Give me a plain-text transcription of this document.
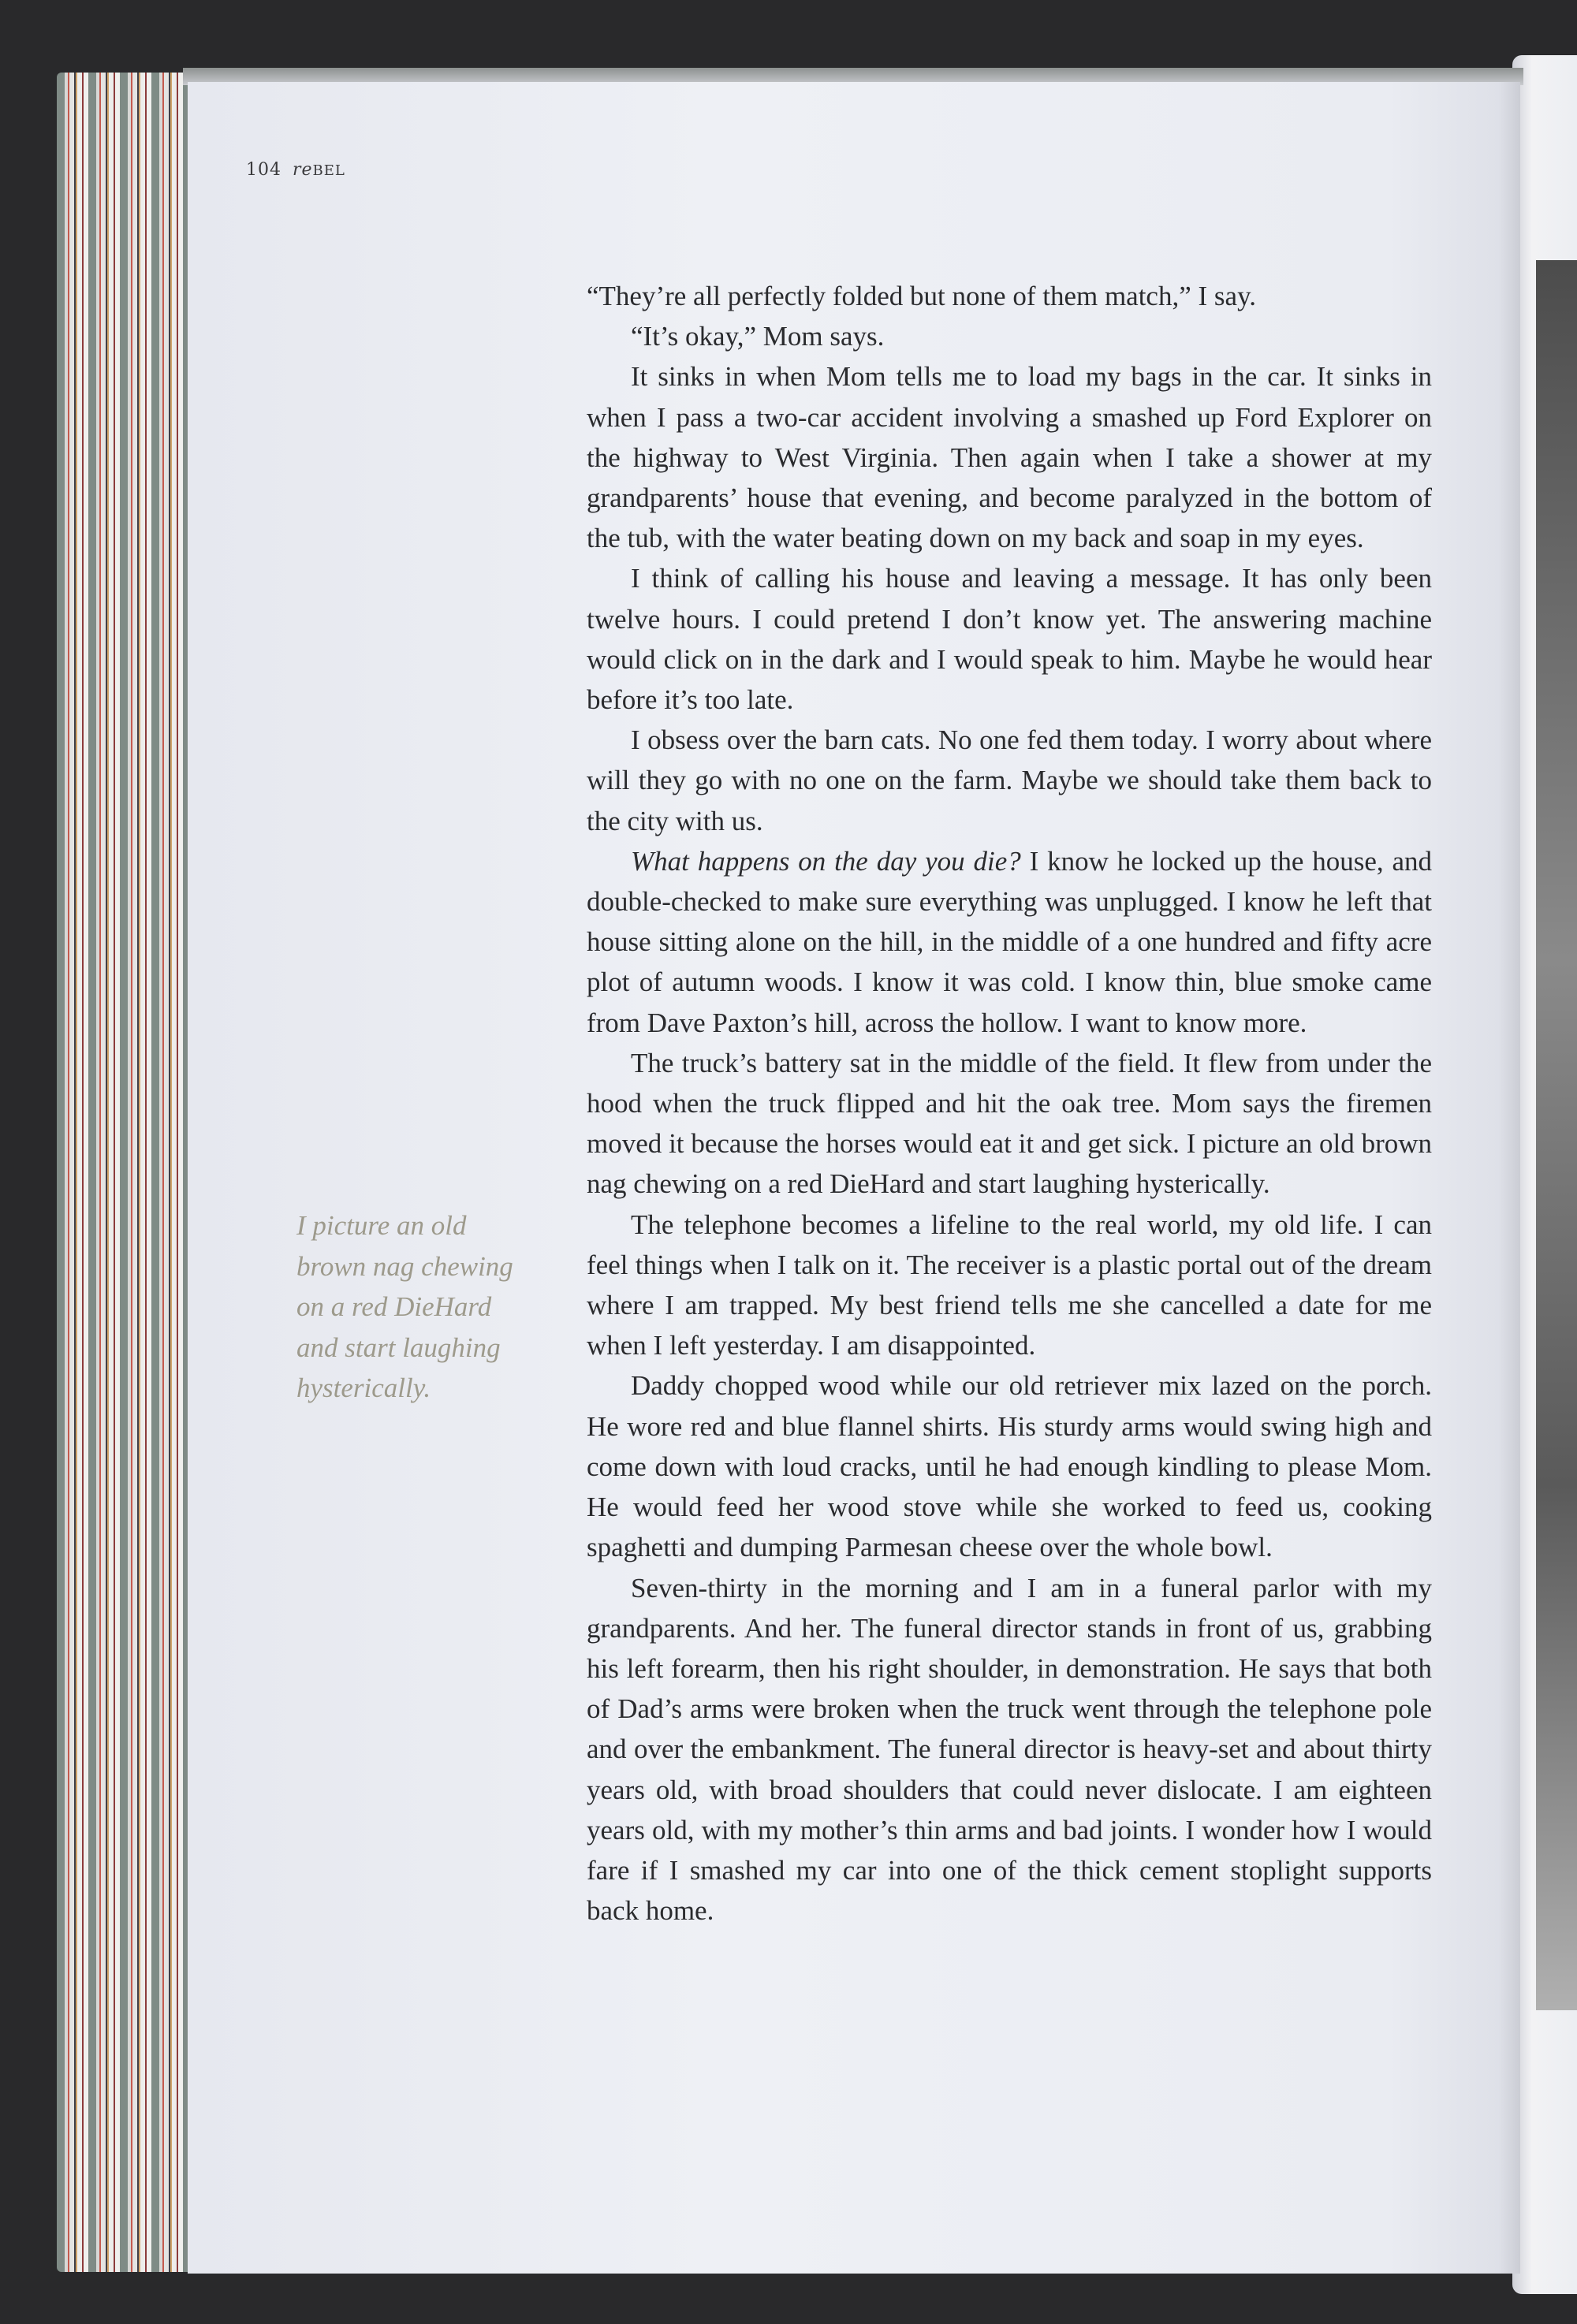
104 reBEL

I picture an old
brown nag chewing
on a red DieHard
and start laughing
hysterically.

“They’re all perfectly folded but none of them match,” I say.

“It’s okay,” Mom says.

It sinks in when Mom tells me to load my bags in the car. It sinks in when I pass a two-car accident involving a smashed up Ford Explorer on the highway to West Virginia. Then again when I take a shower at my grandparents’ house that evening, and become paralyzed in the bottom of the tub, with the water beating down on my back and soap in my eyes.

I think of calling his house and leaving a message. It has only been twelve hours. I could pretend I don’t know yet. The answering machine would click on in the dark and I would speak to him. Maybe he would hear before it’s too late.

I obsess over the barn cats. No one fed them today. I worry about where will they go with no one on the farm. Maybe we should take them back to the city with us.

What happens on the day you die? I know he locked up the house, and double-checked to make sure everything was unplugged. I know he left that house sitting alone on the hill, in the middle of a one hundred and fifty acre plot of autumn woods. I know it was cold. I know thin, blue smoke came from Dave Paxton’s hill, across the hollow. I want to know more.

The truck’s battery sat in the middle of the field. It flew from under the hood when the truck flipped and hit the oak tree. Mom says the firemen moved it because the horses would eat it and get sick. I picture an old brown nag chewing on a red DieHard and start laughing hysterically.

The telephone becomes a lifeline to the real world, my old life. I can feel things when I talk on it. The receiver is a plastic portal out of the dream where I am trapped. My best friend tells me she cancelled a date for me when I left yesterday. I am disappointed.

Daddy chopped wood while our old retriever mix lazed on the porch. He wore red and blue flannel shirts. His sturdy arms would swing high and come down with loud cracks, until he had enough kindling to please Mom. He would feed her wood stove while she worked to feed us, cooking spaghetti and dumping Parmesan cheese over the whole bowl.

Seven-thirty in the morning and I am in a funeral parlor with my grandparents. And her. The funeral director stands in front of us, grabbing his left forearm, then his right shoulder, in demonstration. He says that both of Dad’s arms were broken when the truck went through the telephone pole and over the embankment. The funeral director is heavy-set and about thirty years old, with broad shoulders that could never dislocate. I am eighteen years old, with my mother’s thin arms and bad joints. I wonder how I would fare if I smashed my car into one of the thick cement stoplight supports back home.
